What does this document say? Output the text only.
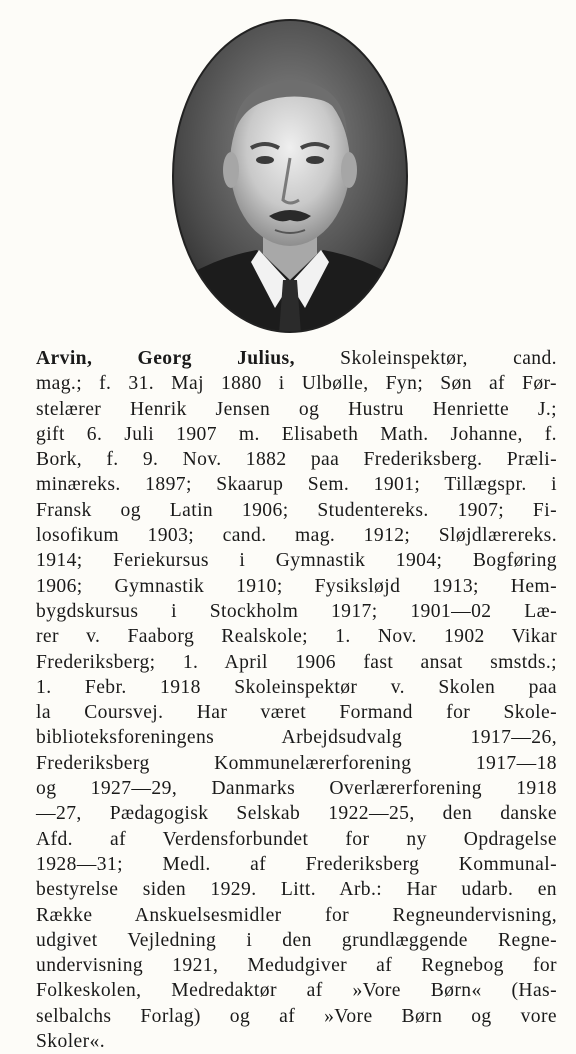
Arvin, Georg Julius, Skoleinspektør, cand.
mag.; f. 31. Maj 1880 i Ulbølle, Fyn; Søn af Før-
stelærer Henrik Jensen og Hustru Henriette J.;
gift 6. Juli 1907 m. Elisabeth Math. Johanne, f.
Bork, f. 9. Nov. 1882 paa Frederiksberg. Præli-
minæreks. 1897; Skaarup Sem. 1901; Tillægspr. i
Fransk og Latin 1906; Studentereks. 1907; Fi-
losofikum 1903; cand. mag. 1912; Sløjdlærereks.
1914; Feriekursus i Gymnastik 1904; Bogføring
1906; Gymnastik 1910; Fysiksløjd 1913; Hem-
bygdskursus i Stockholm 1917; 1901—02 Læ-
rer v. Faaborg Realskole; 1. Nov. 1902 Vikar
Frederiksberg; 1. April 1906 fast ansat smstds.;
1. Febr. 1918 Skoleinspektør v. Skolen paa
la Coursvej. Har været Formand for Skole-
biblioteksforeningens Arbejdsudvalg 1917—26,
Frederiksberg Kommunelærerforening 1917—18
og 1927—29, Danmarks Overlærerforening 1918
—27, Pædagogisk Selskab 1922—25, den danske
Afd. af Verdensforbundet for ny Opdragelse
1928—31; Medl. af Frederiksberg Kommunal-
bestyrelse siden 1929. Litt. Arb.: Har udarb. en
Række Anskuelsesmidler for Regneundervisning,
udgivet Vejledning i den grundlæggende Regne-
undervisning 1921, Medudgiver af Regnebog for
Folkeskolen, Medredaktør af »Vore Børn« (Has-
selbalchs Forlag) og af »Vore Børn og vore
Skoler«.
